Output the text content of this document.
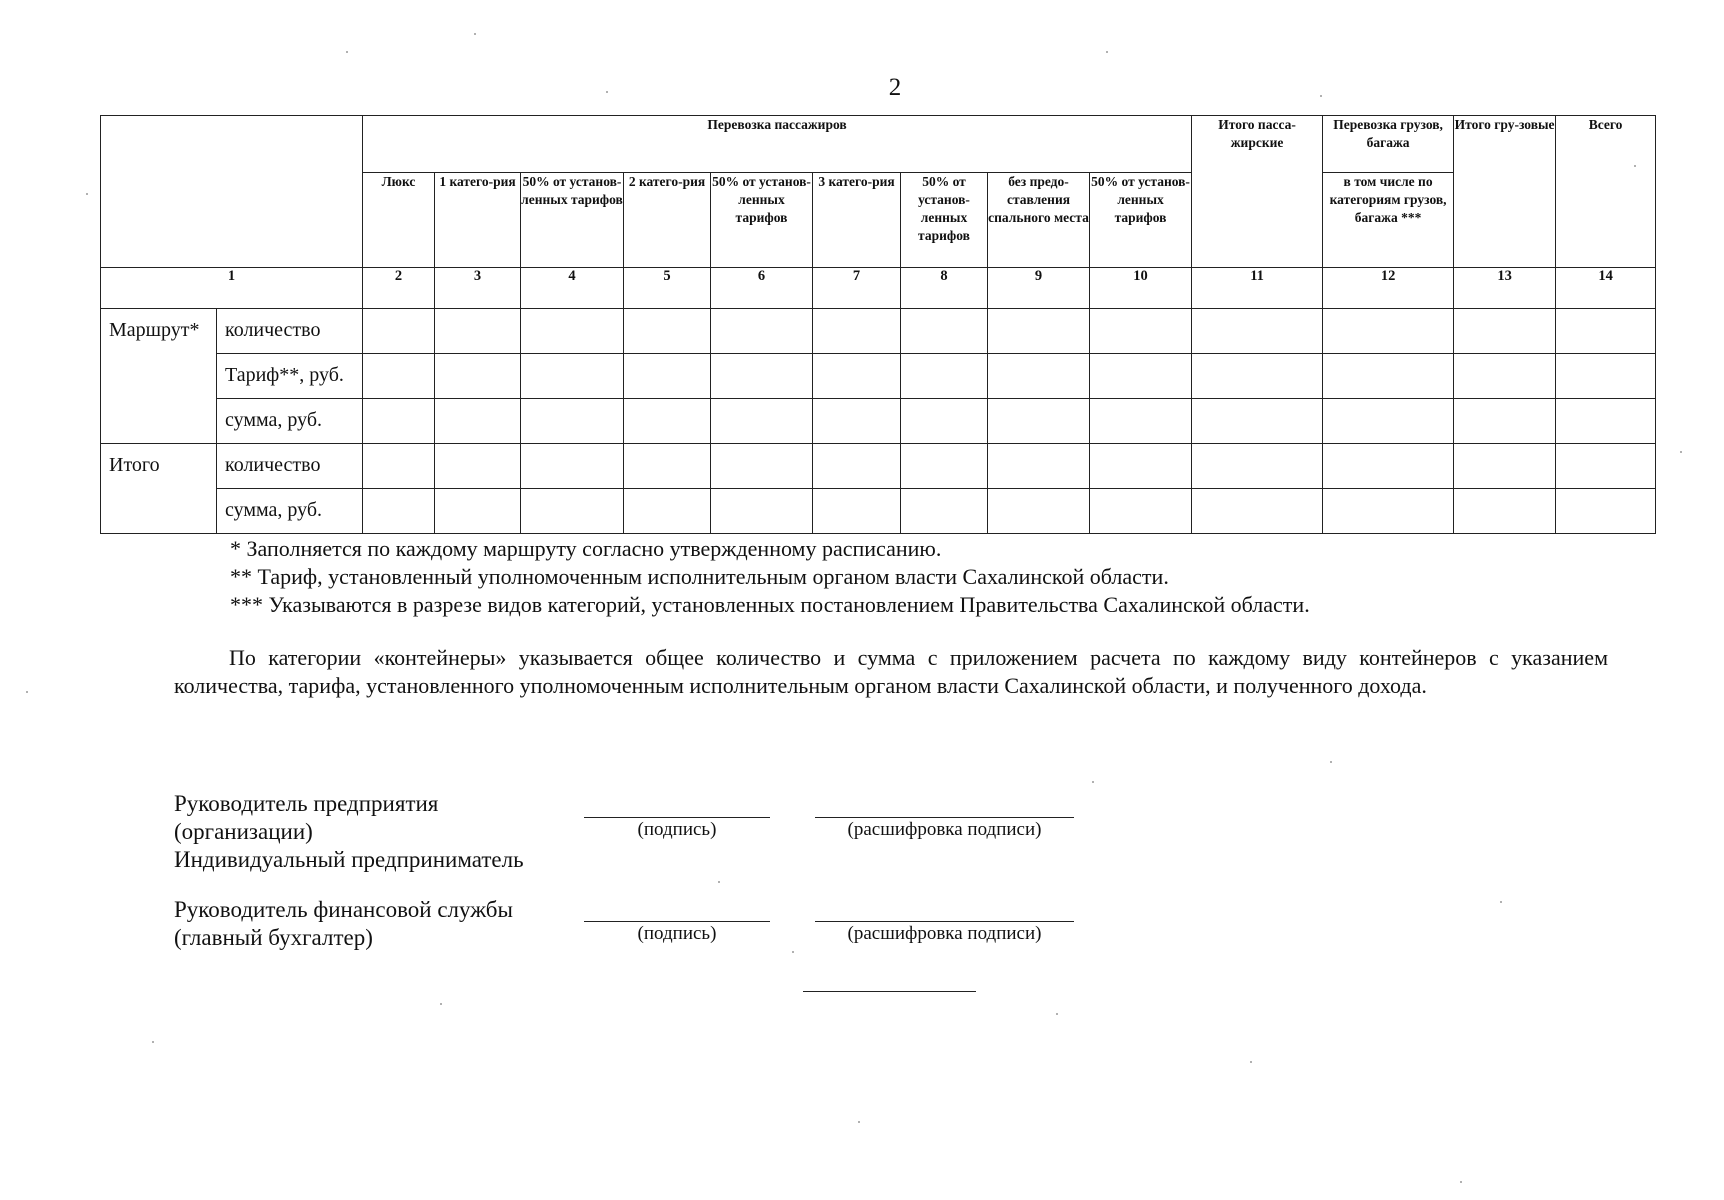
2
		Перевозка пассажиров									Итого пасса-жирские	Перевозка грузов, багажа	Итого гру-зовые	Всего
		Люкс	1 катего-рия	50% от установ-ленных тарифов	2 катего-рия	50% от установ-ленных тарифов	3 катего-рия	50% от установ-ленных тарифов	без предо-ставления спального места	50% от установ-ленных тарифов		в том числе по категориям грузов, багажа ***		
1		2	3	4	5	6	7	8	9	10	11	12	13	14

Маршрут*	количество													

	Тариф**, руб.													

	сумма, руб.													

Итого	количество													

	сумма, руб.													

* Заполняется по каждому маршруту согласно утвержденному расписанию.
** Тариф, установленный уполномоченным исполнительным органом власти Сахалинской области.
*** Указываются в разрезе видов категорий, установленных постановлением Правительства Сахалинской области.
По категории «контейнеры» указывается общее количество и сумма с приложением расчета по каждому виду контейнеров с указанием количества, тарифа, установленного уполномоченным исполнительным органом власти Сахалинской области, и полученного дохода.
Руководитель предприятия
(организации)
Индивидуальный предприниматель
(подпись)	(расшифровка подписи)
Руководитель финансовой службы
(главный бухгалтер)	(подпись)	(расшифровка подписи)
